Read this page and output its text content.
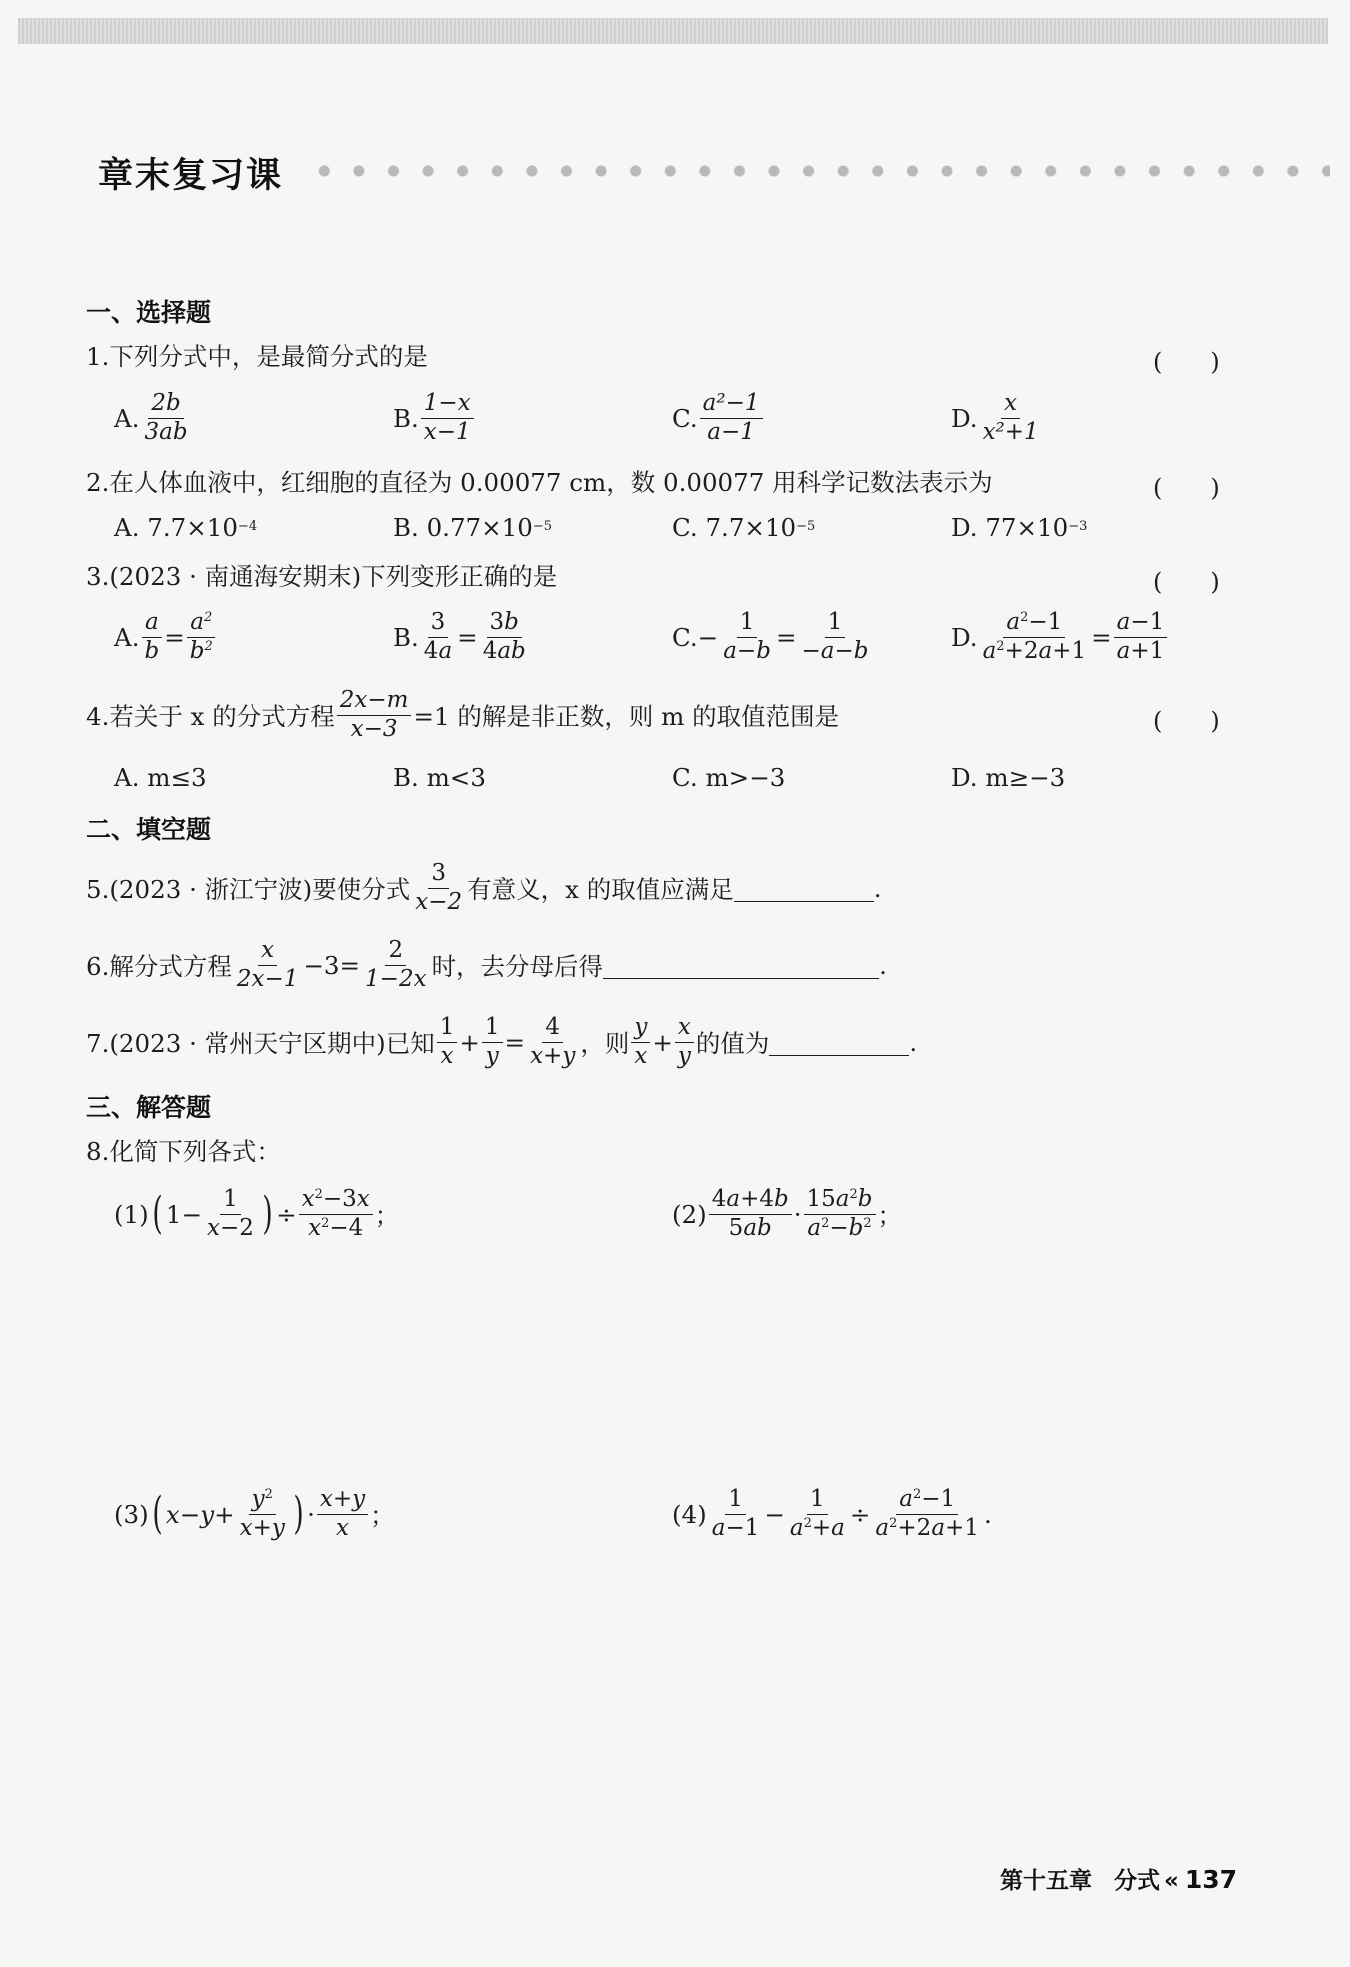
章末复习课
一、选择题
1.下列分式中，是最简分式的是	(　　)
A. $\frac{2b}{3ab}$	B. $\frac{1-x}{x-1}$	C. $\frac{\text{a²−1}}{a-1}$	D. $\frac{x}{\text{x²+1}}$
2.在人体血液中，红细胞的直径为 0.00077 cm，数 0.00077 用科学记数法表示为	(　　)
A. 7.7×10 −4	B. 0.77×10 −5	C. 7.7×10 −5	D. 77×10 −3
3.(2023 · 南通海安期末)下列变形正确的是	(　　)
A. $\frac{a}{b} = \frac{a^2}{b^2}$	B. $\frac{3}{4a} = \frac{3b}{4ab}$	C. − $\frac{1}{a-b} = \frac{1}{-a-b}$	D. $\frac{a^2-1}{a^2+2a+1} = \frac{a-1}{a+1}$
4.若关于 x 的分式方程 $\frac{2x-m}{x-3} =1$ 的解是非正数，则 m 的取值范围是	(　　)
A. m≤3	B. m<3	C. m>−3	D. m≥−3
二、填空题
5.(2023 · 浙江宁波)要使分式 $\frac{3}{x-2}$ 有意义，x 的取值应满足	.
6.解分式方程 $\frac{x}{2x-1} -3= \frac{2}{1-2x}$ 时，去分母后得	.
7.(2023 · 常州天宁区期中)已知 $\frac{1}{x} + \frac{1}{y} = \frac{4}{x+y}$ ，则 $\frac{y}{x} + \frac{x}{y}$ 的值为	.
三、解答题
8.化简下列各式：
(1) ( $1- \frac{1}{x-2}$ ) ÷ $\frac{x^2-3x}{x^2-4}$ ；	$(2) \frac{4a+4b}{5ab} \cdot \frac{15a^2b}{a^2-b^2}$ ；
(3) ( $x - y + \frac{y^2}{x+y}$ ) · $\frac{x+y}{x}$ ；	$(4) \frac{1}{a-1} - \frac{1}{a^2+a} \div \frac{a^2-1}{a^2+2a+1}$ .
第十五章 分式 « 137
